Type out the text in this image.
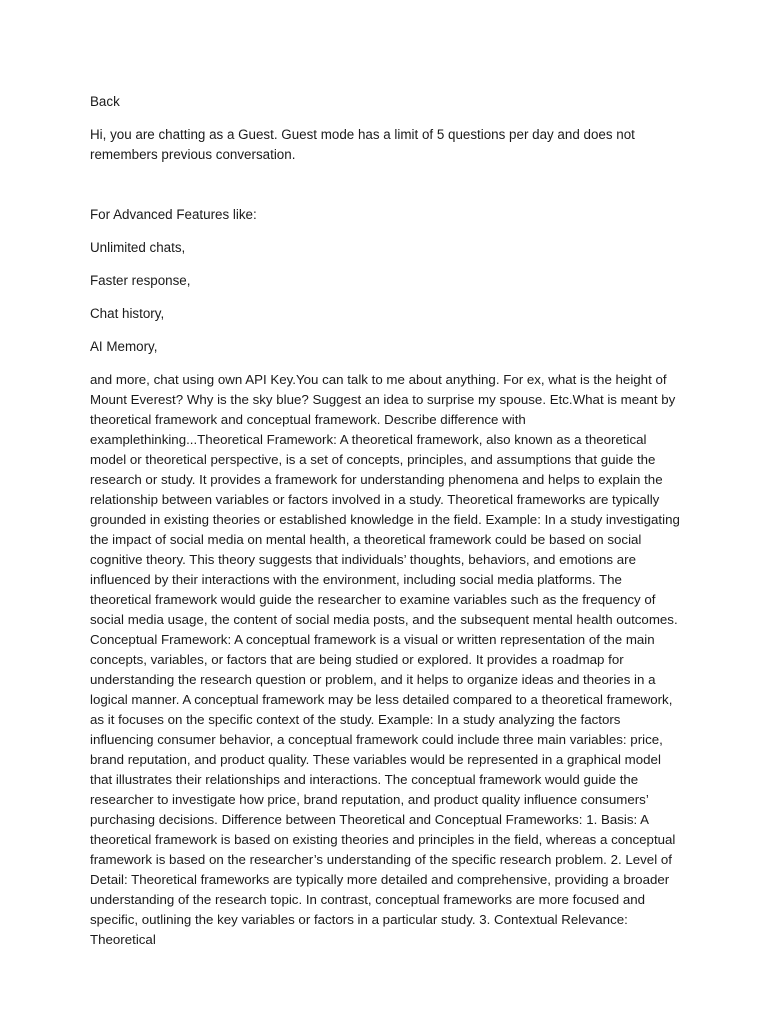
Back

Hi, you are chatting as a Guest. Guest mode has a limit of 5 questions per day and does not remembers previous conversation.

For Advanced Features like:

Unlimited chats,

Faster response,

Chat history,

AI Memory,

and more, chat using own API Key.You can talk to me about anything. For ex, what is the height of Mount Everest? Why is the sky blue? Suggest an idea to surprise my spouse. Etc.What is meant by theoretical framework and conceptual framework. Describe difference with examplethinking...Theoretical Framework: A theoretical framework, also known as a theoretical model or theoretical perspective, is a set of concepts, principles, and assumptions that guide the research or study. It provides a framework for understanding phenomena and helps to explain the relationship between variables or factors involved in a study. Theoretical frameworks are typically grounded in existing theories or established knowledge in the field. Example: In a study investigating the impact of social media on mental health, a theoretical framework could be based on social cognitive theory. This theory suggests that individuals’ thoughts, behaviors, and emotions are influenced by their interactions with the environment, including social media platforms. The theoretical framework would guide the researcher to examine variables such as the frequency of social media usage, the content of social media posts, and the subsequent mental health outcomes. Conceptual Framework: A conceptual framework is a visual or written representation of the main concepts, variables, or factors that are being studied or explored. It provides a roadmap for understanding the research question or problem, and it helps to organize ideas and theories in a logical manner. A conceptual framework may be less detailed compared to a theoretical framework, as it focuses on the specific context of the study. Example: In a study analyzing the factors influencing consumer behavior, a conceptual framework could include three main variables: price, brand reputation, and product quality. These variables would be represented in a graphical model that illustrates their relationships and interactions. The conceptual framework would guide the researcher to investigate how price, brand reputation, and product quality influence consumers’ purchasing decisions. Difference between Theoretical and Conceptual Frameworks: 1. Basis: A theoretical framework is based on existing theories and principles in the field, whereas a conceptual framework is based on the researcher’s understanding of the specific research problem. 2. Level of Detail: Theoretical frameworks are typically more detailed and comprehensive, providing a broader understanding of the research topic. In contrast, conceptual frameworks are more focused and specific, outlining the key variables or factors in a particular study. 3. Contextual Relevance: Theoretical
